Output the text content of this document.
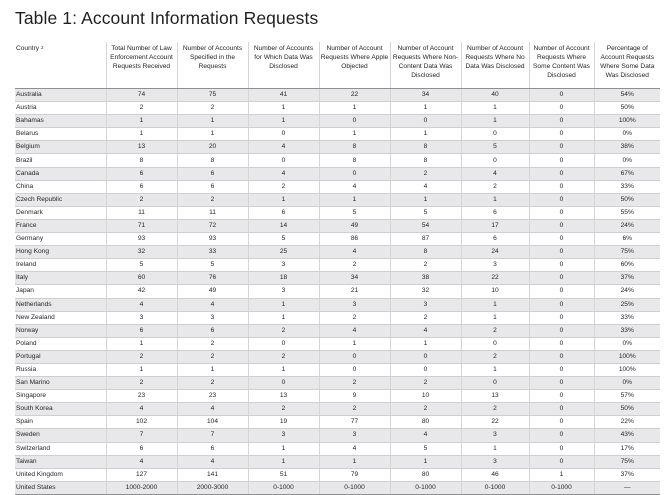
Table 1: Account Information Requests
Country $^2$	Total Number of Law Enforcement Account Requests Received	Number of Accounts Specified in the Requests	Number of Accounts for Which Data Was Disclosed	Number of Account Requests Where Apple Objected	Number of Account Requests Where Non-Content Data Was Disclosed	Number of Account Requests Where No Data Was Disclosed	Number of Account Requests Where Some Content Was Disclosed	Percentage of Account Requests Where Some Data Was Disclosed
Australia	74	75	41	22	34	40	0	54%
Austria	2	2	1	1	1	1	0	50%
Bahamas	1	1	1	0	0	1	0	100%
Belarus	1	1	0	1	1	0	0	0%
Belgium	13	20	4	8	8	5	0	38%
Brazil	8	8	0	8	8	0	0	0%
Canada	6	6	4	0	2	4	0	67%
China	6	6	2	4	4	2	0	33%
Czech Republic	2	2	1	1	1	1	0	50%
Denmark	11	11	6	5	5	6	0	55%
France	71	72	14	49	54	17	0	24%
Germany	93	93	5	86	87	6	0	6%
Hong Kong	32	33	25	4	8	24	0	75%
Ireland	5	5	3	2	2	3	0	60%
Italy	60	76	18	34	38	22	0	37%
Japan	42	49	3	21	32	10	0	24%
Netherlands	4	4	1	3	3	1	0	25%
New Zealand	3	3	1	2	2	1	0	33%
Norway	6	6	2	4	4	2	0	33%
Poland	1	2	0	1	1	0	0	0%
Portugal	2	2	2	0	0	2	0	100%
Russia	1	1	1	0	0	1	0	100%
San Marino	2	2	0	2	2	0	0	0%
Singapore	23	23	13	9	10	13	0	57%
South Korea	4	4	2	2	2	2	0	50%
Spain	102	104	19	77	80	22	0	22%
Sweden	7	7	3	3	4	3	0	43%
Switzerland	6	6	1	4	5	1	0	17%
Taiwan	4	4	1	1	1	3	0	75%
United Kingdom	127	141	51	79	80	46	1	37%
United States	1000-2000	2000-3000	0-1000	0-1000	0-1000	0-1000	0-1000	—
